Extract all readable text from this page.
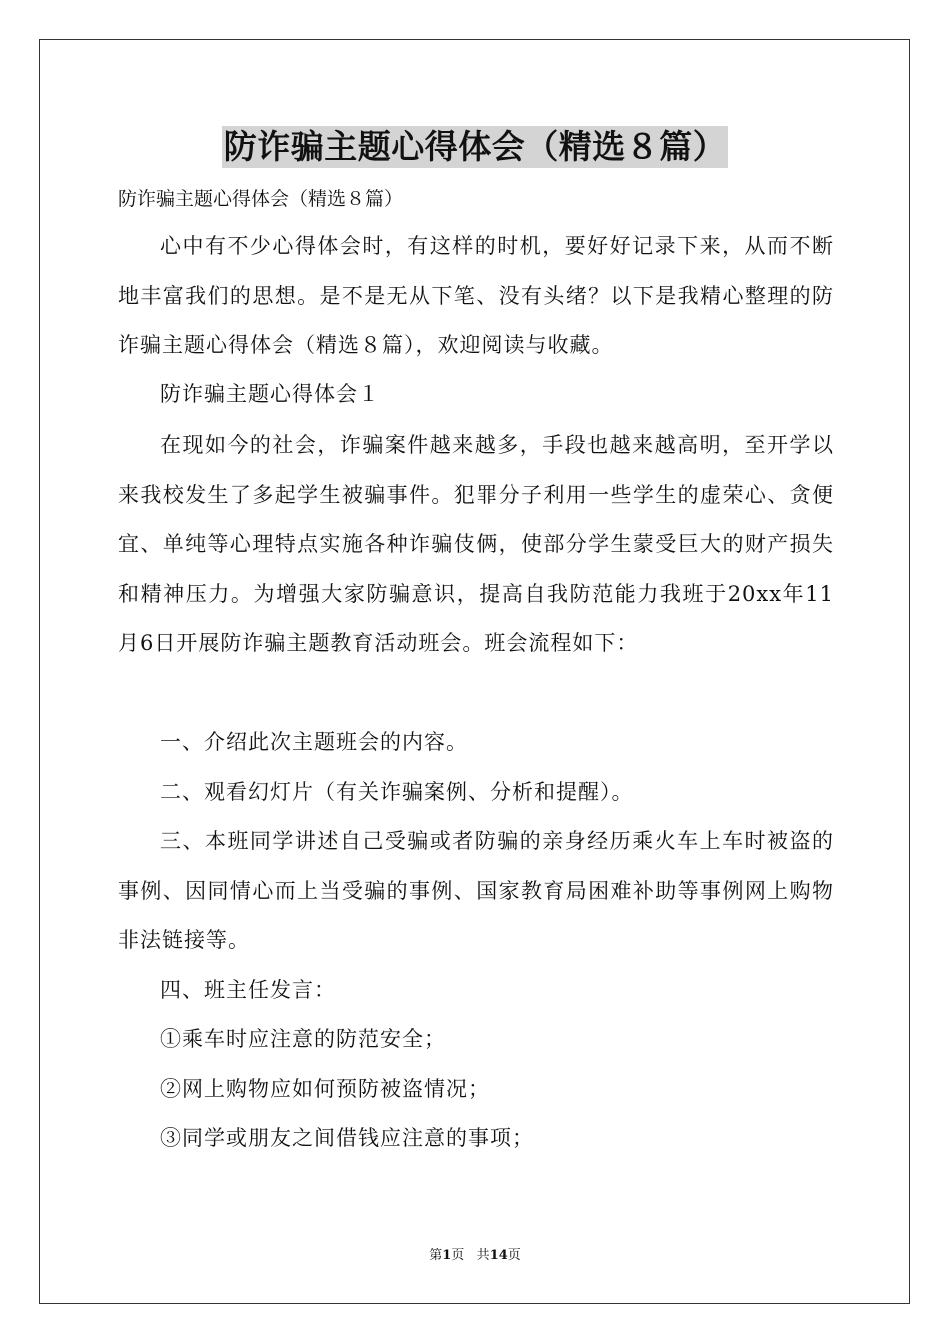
防诈骗主题心得体会（精选８篇）
防诈骗主题心得体会（精选８篇）

心中有不少心得体会时，有这样的时机，要好好记录下来，从而不断地丰富我们的思想。是不是无从下笔、没有头绪？以下是我精心整理的防诈骗主题心得体会（精选８篇），欢迎阅读与收藏。

防诈骗主题心得体会１

在现如今的社会，诈骗案件越来越多，手段也越来越高明，至开学以来我校发生了多起学生被骗事件。犯罪分子利用一些学生的虚荣心、贪便宜、单纯等心理特点实施各种诈骗伎俩，使部分学生蒙受巨大的财产损失和精神压力。为增强大家防骗意识，提高自我防范能力我班于20xx年11月6日开展防诈骗主题教育活动班会。班会流程如下：

一、介绍此次主题班会的内容。

二、观看幻灯片（有关诈骗案例、分析和提醒）。

三、本班同学讲述自己受骗或者防骗的亲身经历乘火车上车时被盗的事例、因同情心而上当受骗的事例、国家教育局困难补助等事例网上购物非法链接等。

四、班主任发言：

①乘车时应注意的防范安全；

②网上购物应如何预防被盗情况；

③同学或朋友之间借钱应注意的事项；

第1页 共14页
